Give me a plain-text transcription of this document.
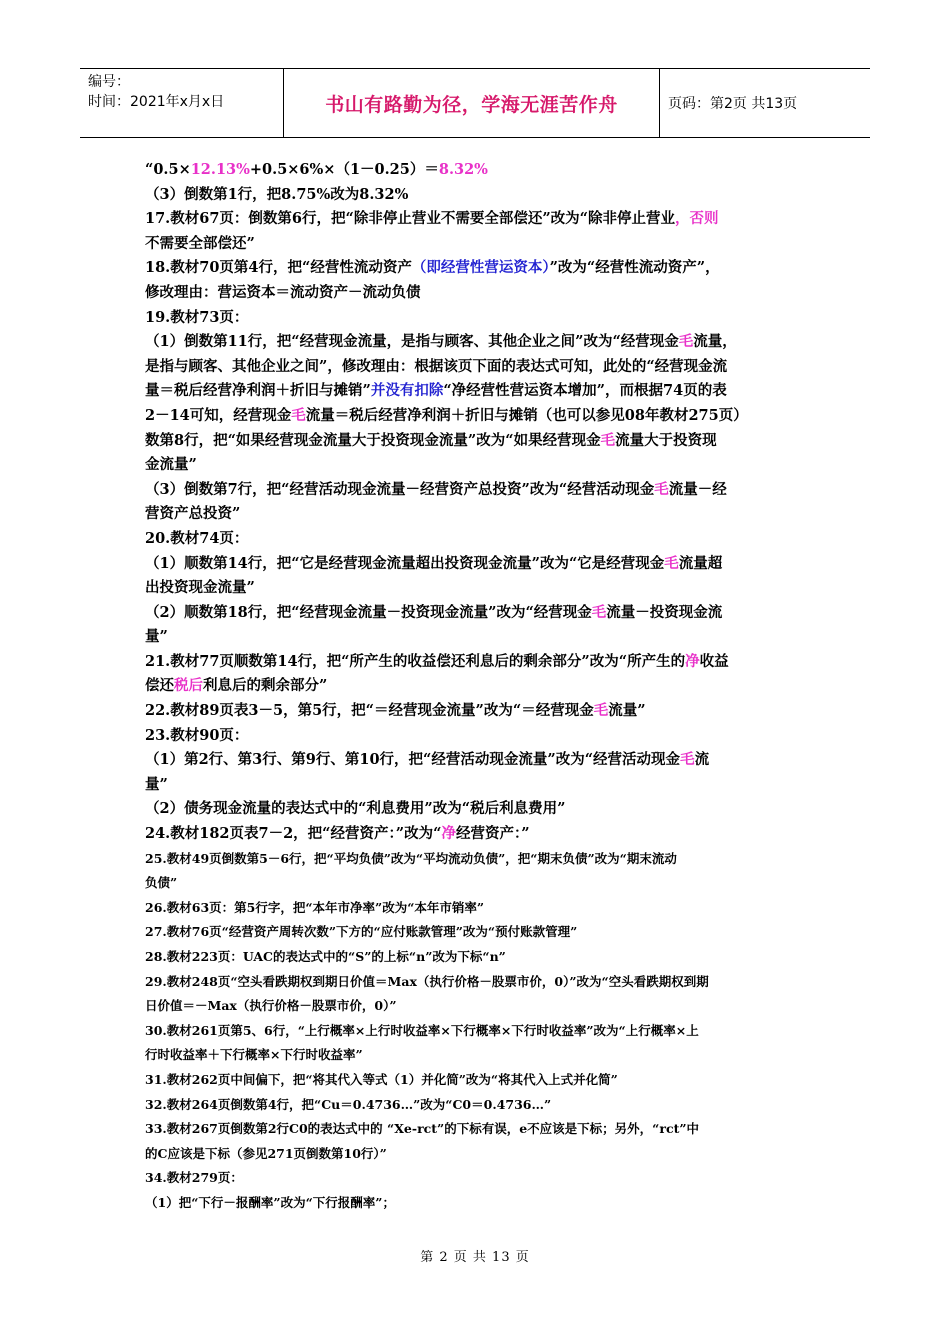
编号：
时间：2021年x月x日	书山有路勤为径，学海无涯苦作舟	页码：第2页 共13页

“0.5×12.13%+0.5×6%×（1－0.25）＝8.32%

（3）倒数第1行，把8.75%改为8.32%

17.教材67页：倒数第6行，把“除非停止营业不需要全部偿还”改为“除非停止营业，否则

不需要全部偿还”

18.教材70页第4行，把“经营性流动资产（即经营性营运资本）”改为“经营性流动资产”，

修改理由：营运资本＝流动资产－流动负债

19.教材73页：

（1）倒数第11行，把“经营现金流量，是指与顾客、其他企业之间”改为“经营现金毛流量，

是指与顾客、其他企业之间”，修改理由：根据该页下面的表达式可知，此处的“经营现金流

量＝税后经营净利润＋折旧与摊销”并没有扣除“净经营性营运资本增加”，而根据74页的表

2－14可知，经营现金毛流量＝税后经营净利润＋折旧与摊销（也可以参见08年教材275页）

数第8行，把“如果经营现金流量大于投资现金流量”改为“如果经营现金毛流量大于投资现

金流量”

（3）倒数第7行，把“经营活动现金流量－经营资产总投资”改为“经营活动现金毛流量－经

营资产总投资”

20.教材74页：

（1）顺数第14行，把“它是经营现金流量超出投资现金流量”改为“它是经营现金毛流量超

出投资现金流量”

（2）顺数第18行，把“经营现金流量－投资现金流量”改为“经营现金毛流量－投资现金流

量”

21.教材77页顺数第14行，把“所产生的收益偿还利息后的剩余部分”改为“所产生的净收益

偿还税后利息后的剩余部分”

22.教材89页表3－5，第5行，把“＝经营现金流量”改为“＝经营现金毛流量”

23.教材90页：

（1）第2行、第3行、第9行、第10行，把“经营活动现金流量”改为“经营活动现金毛流

量”

（2）债务现金流量的表达式中的“利息费用”改为“税后利息费用”

24.教材182页表7－2，把“经营资产：”改为“净经营资产：”

25.教材49页倒数第5－6行，把“平均负债”改为“平均流动负债”，把“期末负债”改为“期末流动

负债”

26.教材63页：第5行字，把“本年市净率”改为“本年市销率”

27.教材76页“经营资产周转次数”下方的“应付账款管理”改为“预付账款管理”

28.教材223页：UAC的表达式中的“S”的上标“n”改为下标“n”

29.教材248页“空头看跌期权到期日价值＝Max（执行价格－股票市价，0）”改为“空头看跌期权到期

日价值＝－Max（执行价格－股票市价，0）”

30.教材261页第5、6行，“上行概率×上行时收益率×下行概率×下行时收益率”改为“上行概率×上

行时收益率＋下行概率×下行时收益率”

31.教材262页中间偏下，把“将其代入等式（1）并化简”改为“将其代入上式并化简”

32.教材264页倒数第4行，把“Cu＝0.4736…”改为“C0＝0.4736…”

33.教材267页倒数第2行C0的表达式中的 “Xe-rct”的下标有误，e不应该是下标；另外，“rct”中

的C应该是下标（参见271页倒数第10行）”

34.教材279页：

（1）把“下行－报酬率”改为“下行报酬率”；

第 2 页 共 13 页
